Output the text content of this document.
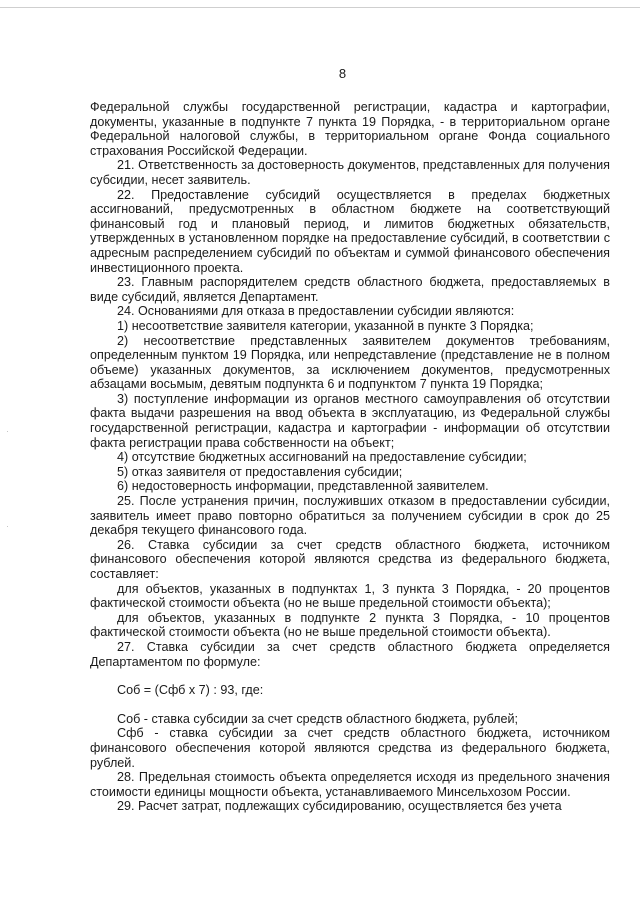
8
·
·

Федеральной службы государственной регистрации, кадастра и картографии, документы, указанные в подпункте 7 пункта 19 Порядка, - в территориальном органе Федеральной налоговой службы, в территориальном органе Фонда социального страхования Российской Федерации.

21. Ответственность за достоверность документов, представленных для получения субсидии, несет заявитель.

22. Предоставление субсидий осуществляется в пределах бюджетных ассигнований, предусмотренных в областном бюджете на соответствующий финансовый год и плановый период, и лимитов бюджетных обязательств, утвержденных в установленном порядке на предоставление субсидий, в соответствии с адресным распределением субсидий по объектам и суммой финансового обеспечения инвестиционного проекта.

23. Главным распорядителем средств областного бюджета, предоставляемых в виде субсидий, является Департамент.

24. Основаниями для отказа в предоставлении субсидии являются:

1) несоответствие заявителя категории, указанной в пункте 3 Порядка;

2) несоответствие представленных заявителем документов требованиям, определенным пунктом 19 Порядка, или непредставление (представление не в полном объеме) указанных документов, за исключением документов, предусмотренных абзацами восьмым, девятым подпункта 6 и подпунктом 7 пункта 19 Порядка;

3) поступление информации из органов местного самоуправления об отсутствии факта выдачи разрешения на ввод объекта в эксплуатацию, из Федеральной службы государственной регистрации, кадастра и картографии - информации об отсутствии факта регистрации права собственности на объект;

4) отсутствие бюджетных ассигнований на предоставление субсидии;

5) отказ заявителя от предоставления субсидии;

6) недостоверность информации, представленной заявителем.

25. После устранения причин, послуживших отказом в предоставлении субсидии, заявитель имеет право повторно обратиться за получением субсидии в срок до 25 декабря текущего финансового года.

26. Ставка субсидии за счет средств областного бюджета, источником финансового обеспечения которой являются средства из федерального бюджета, составляет:

для объектов, указанных в подпунктах 1, 3 пункта 3 Порядка, - 20 процентов фактической стоимости объекта (но не выше предельной стоимости объекта);

для объектов, указанных в подпункте 2 пункта 3 Порядка, - 10 процентов фактической стоимости объекта (но не выше предельной стоимости объекта).

27. Ставка субсидии за счет средств областного бюджета определяется Департаментом по формуле:

Соб = (Сфб х 7) : 93, где:

Соб - ставка субсидии за счет средств областного бюджета, рублей;

Сфб - ставка субсидии за счет средств областного бюджета, источником финансового обеспечения которой являются средства из федерального бюджета, рублей.

28. Предельная стоимость объекта определяется исходя из предельного значения стоимости единицы мощности объекта, устанавливаемого Минсельхозом России.

29. Расчет затрат, подлежащих субсидированию, осуществляется без учета
